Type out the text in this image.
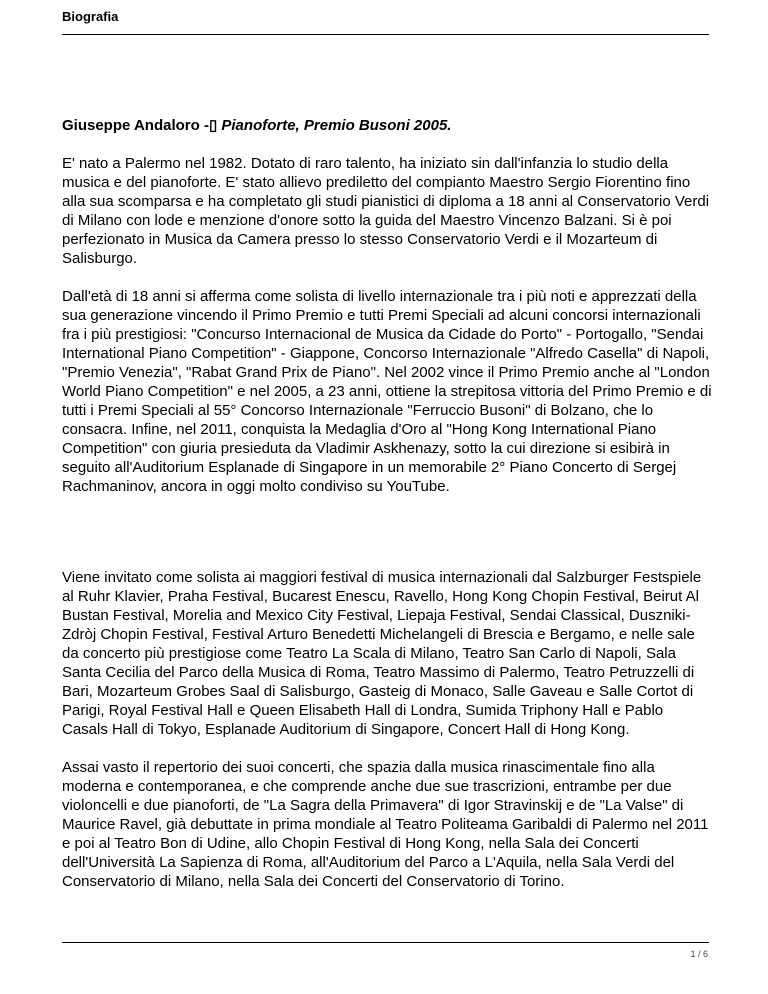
Biografia

Giuseppe Andaloro -▯ Pianoforte, Premio Busoni 2005.

E' nato a Palermo nel 1982. Dotato di raro talento, ha iniziato sin dall'infanzia lo studio della musica e del pianoforte. E' stato allievo prediletto del compianto Maestro Sergio Fiorentino fino alla sua scomparsa e ha completato gli studi pianistici di diploma a 18 anni al Conservatorio Verdi di Milano con lode e menzione d'onore sotto la guida del Maestro Vincenzo Balzani. Si è poi perfezionato in Musica da Camera presso lo stesso Conservatorio Verdi e il Mozarteum di Salisburgo.

Dall'età di 18 anni si afferma come solista di livello internazionale tra i più noti e apprezzati della sua generazione vincendo il Primo Premio e tutti Premi Speciali ad alcuni concorsi internazionali fra i più prestigiosi: "Concurso Internacional de Musica da Cidade do Porto" - Portogallo, "Sendai International Piano Competition" - Giappone, Concorso Internazionale "Alfredo Casella" di Napoli, "Premio Venezia", "Rabat Grand Prix de Piano". Nel 2002 vince il Primo Premio anche al "London World Piano Competition" e nel 2005, a 23 anni, ottiene la strepitosa vittoria del Primo Premio e di tutti i Premi Speciali al 55° Concorso Internazionale "Ferruccio Busoni" di Bolzano, che lo consacra. Infine, nel 2011, conquista la Medaglia d'Oro al "Hong Kong International Piano Competition" con giuria presieduta da Vladimir Askhenazy, sotto la cui direzione si esibirà in seguito all'Auditorium Esplanade di Singapore in un memorabile 2° Piano Concerto di Sergej Rachmaninov, ancora in oggi molto condiviso su YouTube.

Viene invitato come solista ai maggiori festival di musica internazionali dal Salzburger Festspiele al Ruhr Klavier, Praha Festival, Bucarest Enescu, Ravello, Hong Kong Chopin Festival, Beirut Al Bustan Festival, Morelia and Mexico City Festival, Liepaja Festival, Sendai Classical, Duszniki-Zdròj Chopin Festival, Festival Arturo Benedetti Michelangeli di Brescia e Bergamo, e nelle sale da concerto più prestigiose come Teatro La Scala di Milano, Teatro San Carlo di Napoli, Sala Santa Cecilia del Parco della Musica di Roma, Teatro Massimo di Palermo, Teatro Petruzzelli di Bari, Mozarteum Grobes Saal di Salisburgo, Gasteig di Monaco, Salle Gaveau e Salle Cortot di Parigi, Royal Festival Hall e Queen Elisabeth Hall di Londra, Sumida Triphony Hall e Pablo Casals Hall di Tokyo, Esplanade Auditorium di Singapore, Concert Hall di Hong Kong.

Assai vasto il repertorio dei suoi concerti, che spazia dalla musica rinascimentale fino alla moderna e contemporanea, e che comprende anche due sue trascrizioni, entrambe per due violoncelli e due pianoforti, de "La Sagra della Primavera" di Igor Stravinskij e de "La Valse" di Maurice Ravel, già debuttate in prima mondiale al Teatro Politeama Garibaldi di Palermo nel 2011 e poi al Teatro Bon di Udine, allo Chopin Festival di Hong Kong, nella Sala dei Concerti dell'Università La Sapienza di Roma, all'Auditorium del Parco a L'Aquila, nella Sala Verdi del Conservatorio di Milano, nella Sala dei Concerti del Conservatorio di Torino.

1 / 6
